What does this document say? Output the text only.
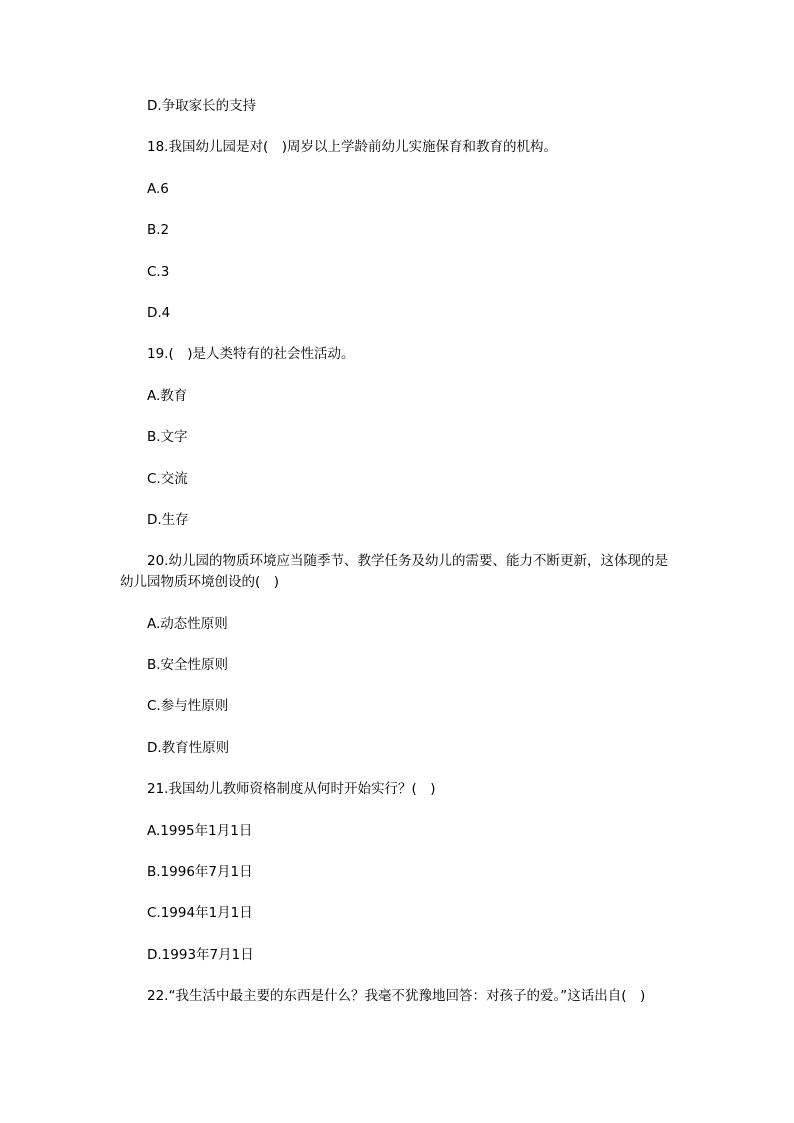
D.争取家长的支持

18.我国幼儿园是对(　)周岁以上学龄前幼儿实施保育和教育的机构。

A.6

B.2

C.3

D.4

19.(　)是人类特有的社会性活动。

A.教育

B.文字

C.交流

D.生存

20.幼儿园的物质环境应当随季节、教学任务及幼儿的需要、能力不断更新，这体现的是幼儿园物质环境创设的(　)

A.动态性原则

B.安全性原则

C.参与性原则

D.教育性原则

21.我国幼儿教师资格制度从何时开始实行？(　)

A.1995年1月1日

B.1996年7月1日

C.1994年1月1日

D.1993年7月1日

22.“我生活中最主要的东西是什么？我毫不犹豫地回答：对孩子的爱。”这话出自(　)
